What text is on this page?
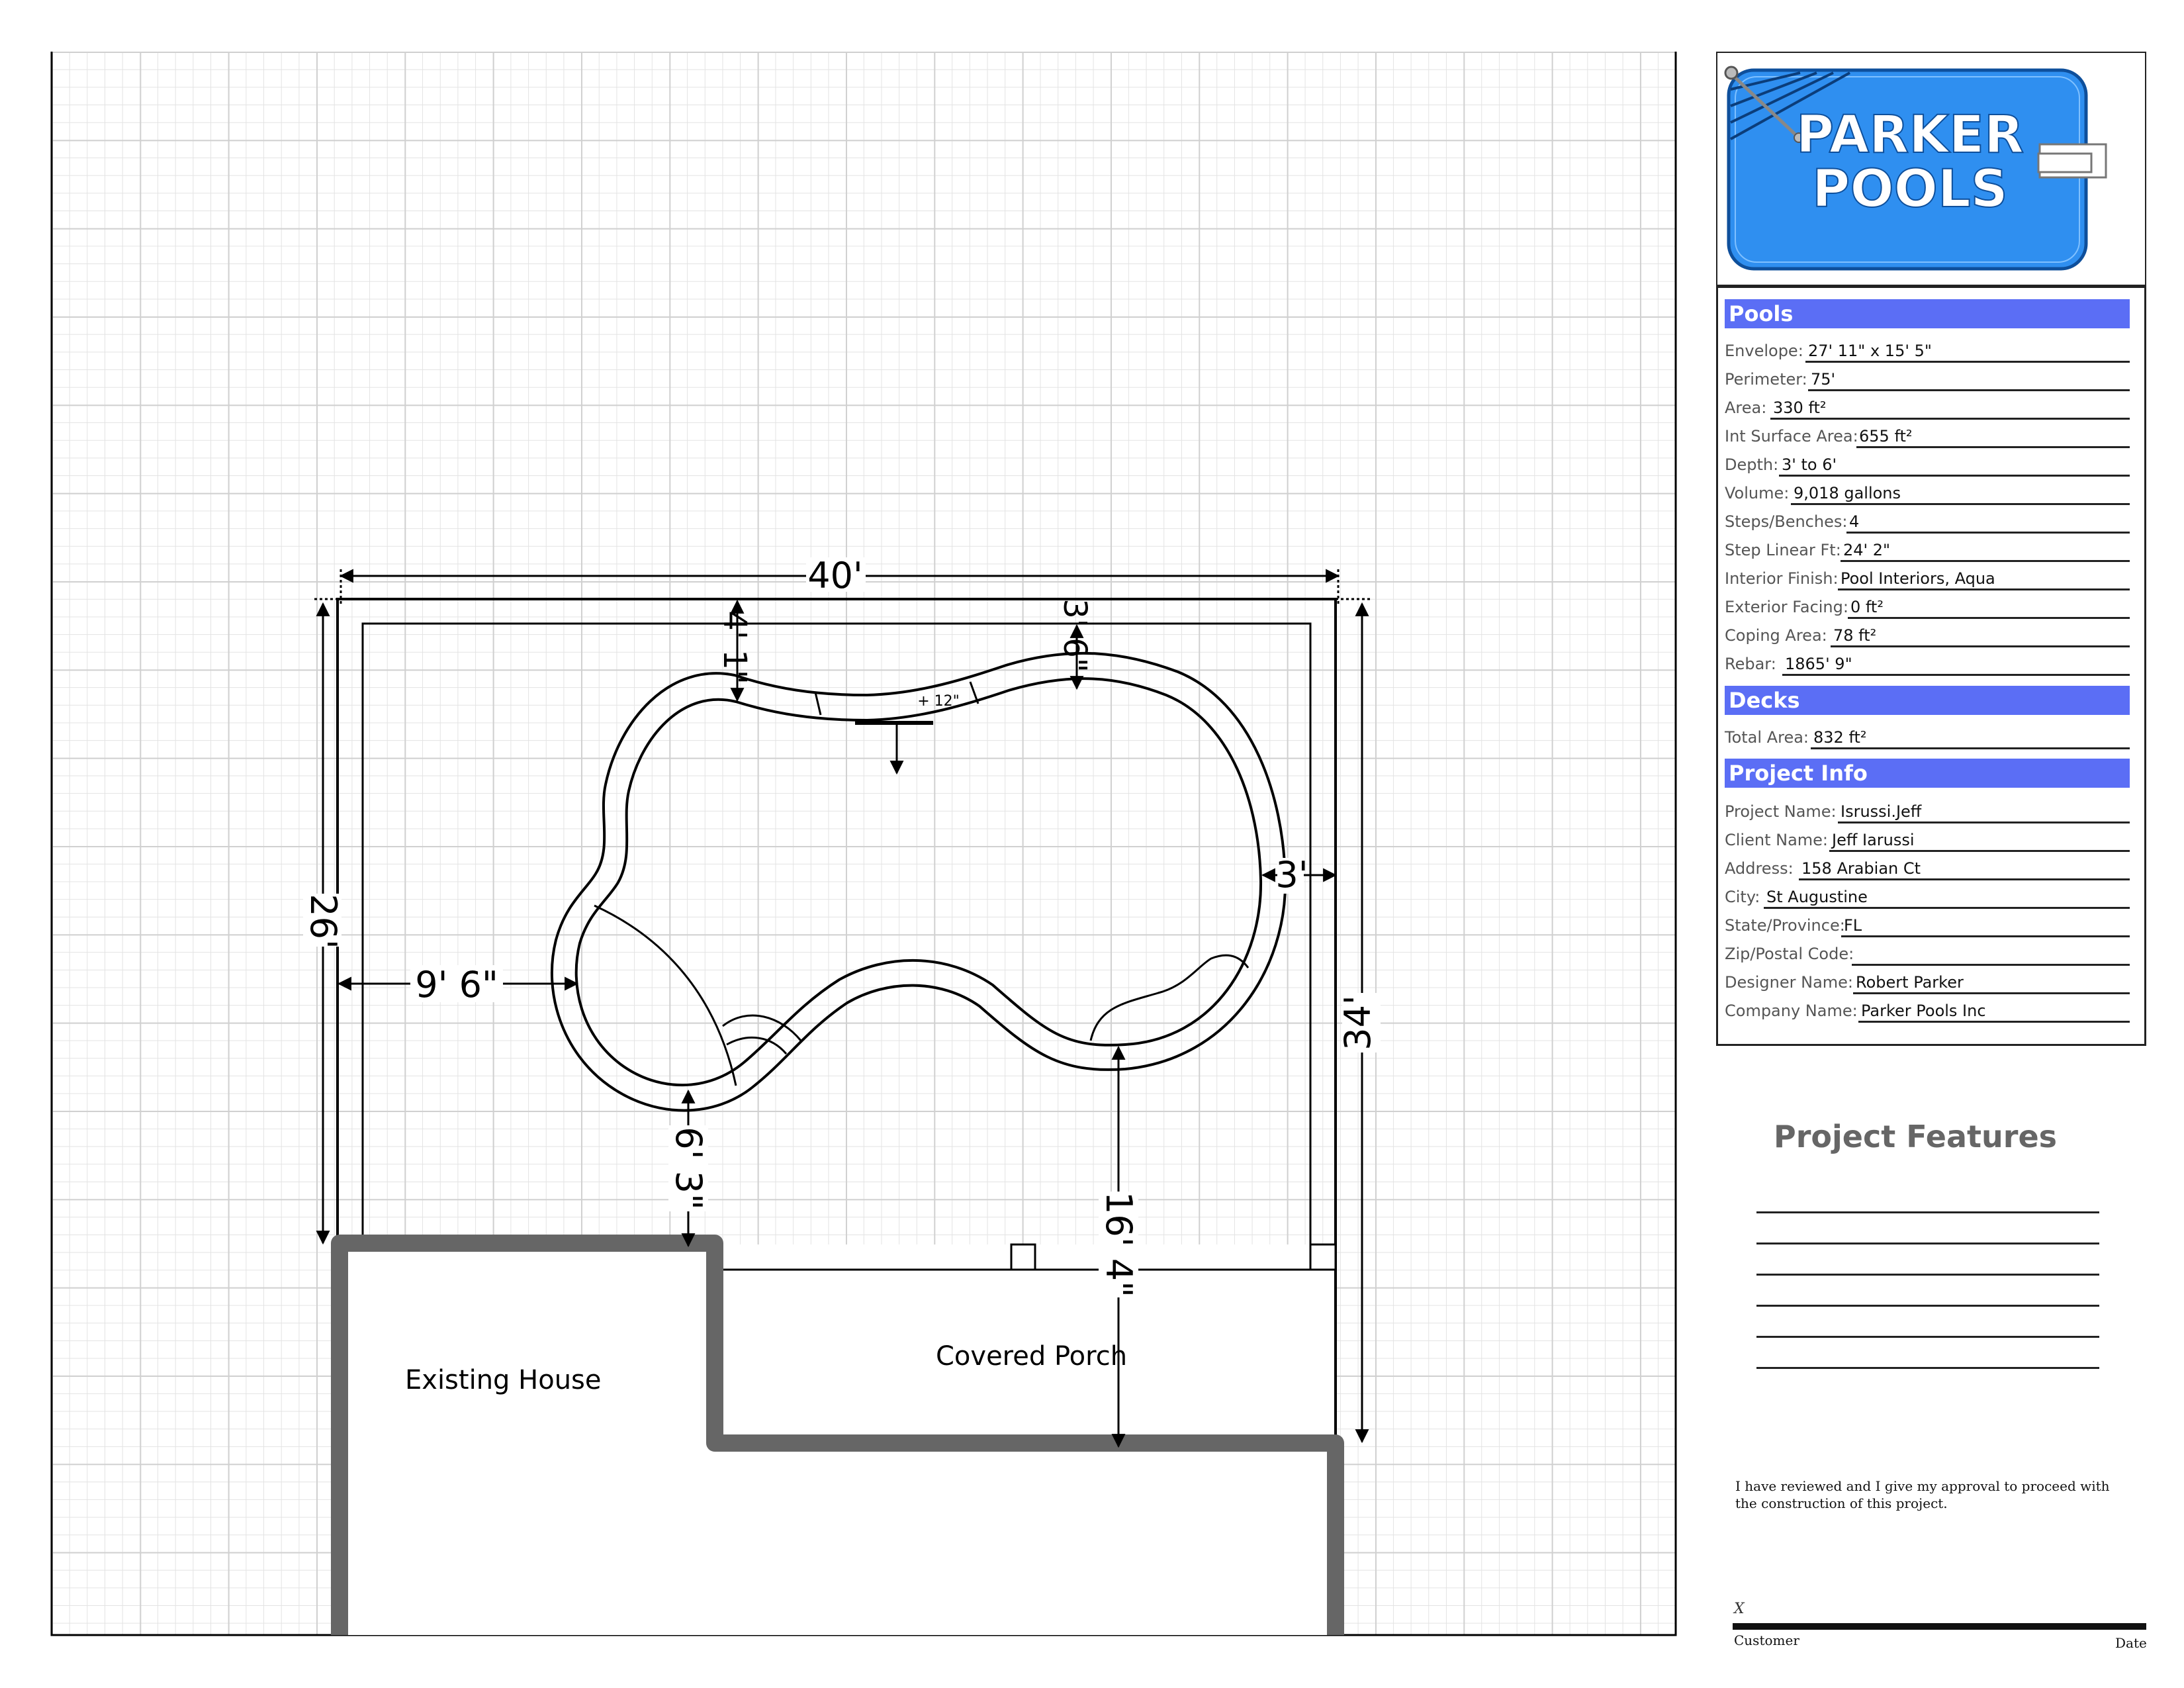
40'
26'
34'
9' 6"
6' 3"
16' 4"
4' 1"	3' 6"
3'
+ 12"
Existing House
Covered Porch
PARKER
POOLS
Pools
Envelope: 27' 11" x 15' 5"
Perimeter: 75'
Area: 330 ft²
Int Surface Area: 655 ft²
Depth: 3' to 6'
Volume: 9,018 gallons
Steps/Benches: 4
Step Linear Ft: 24' 2"
Interior Finish: Pool Interiors, Aqua
Exterior Facing: 0 ft²
Coping Area: 78 ft²
Rebar: 1865' 9"
Decks
Total Area: 832 ft²
Project Info
Project Name: Isrussi.Jeff
Client Name: Jeff Iarussi
Address: 158 Arabian Ct
City: St Augustine
State/Province:
FL
Zip/Postal Code:
Designer Name: Robert Parker
Company Name: Parker Pools Inc
Project Features
I have reviewed and I give my approval to proceed with the construction of this project.
X
Customer	Date
